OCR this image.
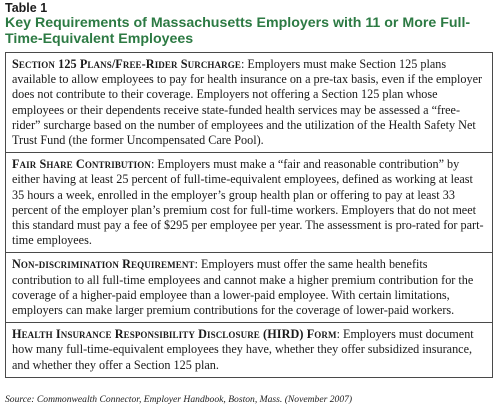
Table 1
Key Requirements of Massachusetts Employers with 11 or More Full-Time-Equivalent Employees
Section 125 Plans/Free-Rider Surcharge: Employers must make Section 125 plans available to allow employees to pay for health insurance on a pre-tax basis, even if the employer does not contribute to their coverage. Employers not offering a Section 125 plan whose employees or their dependents receive state-funded health services may be assessed a “free-rider” surcharge based on the number of employees and the utilization of the Health Safety Net Trust Fund (the former Uncompensated Care Pool).
Fair Share Contribution: Employers must make a “fair and reasonable contribution” by either having at least 25 percent of full-time-equivalent employees, defined as working at least 35 hours a week, enrolled in the employer’s group health plan or offering to pay at least 33 percent of the employer plan’s premium cost for full-time workers. Employers that do not meet this standard must pay a fee of $295 per employee per year. The assessment is pro-rated for part-time employees.
Non-discrimination Requirement: Employers must offer the same health benefits contribution to all full-time employees and cannot make a higher premium contribution for the coverage of a higher-paid employee than a lower-paid employee. With certain limitations, employers can make larger premium contributions for the coverage of lower-paid workers.
Health Insurance Responsibility Disclosure (HIRD) Form: Employers must document how many full-time-equivalent employees they have, whether they offer subsidized insurance, and whether they offer a Section 125 plan.
Source: Commonwealth Connector, Employer Handbook, Boston, Mass. (November 2007)
